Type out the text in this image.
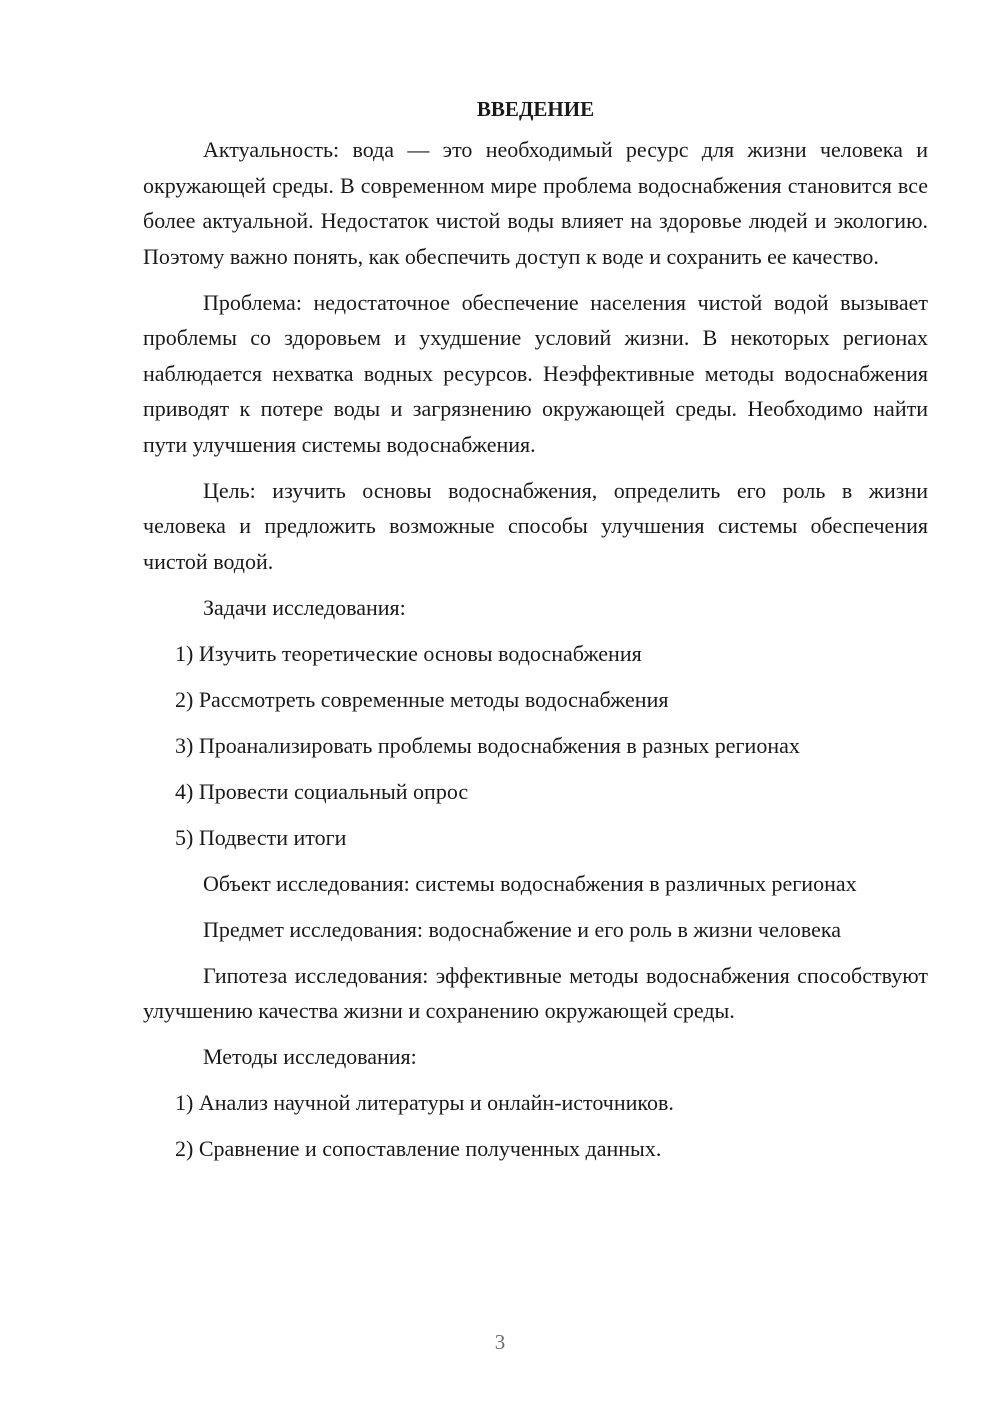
ВВЕДЕНИЕ

Актуальность: вода — это необходимый ресурс для жизни человека и окружающей среды. В современном мире проблема водоснабжения становится все более актуальной. Недостаток чистой воды влияет на здоровье людей и экологию. Поэтому важно понять, как обеспечить доступ к воде и сохранить ее качество.

Проблема: недостаточное обеспечение населения чистой водой вызывает проблемы со здоровьем и ухудшение условий жизни. В некоторых регионах наблюдается нехватка водных ресурсов. Неэффективные методы водоснабжения приводят к потере воды и загрязнению окружающей среды. Необходимо найти пути улучшения системы водоснабжения.

Цель: изучить основы водоснабжения, определить его роль в жизни человека и предложить возможные способы улучшения системы обеспечения чистой водой.

Задачи исследования:

1) Изучить теоретические основы водоснабжения
2) Рассмотреть современные методы водоснабжения
3) Проанализировать проблемы водоснабжения в разных регионах
4) Провести социальный опрос
5) Подвести итоги

Объект исследования: системы водоснабжения в различных регионах

Предмет исследования: водоснабжение и его роль в жизни человека

Гипотеза исследования: эффективные методы водоснабжения способствуют улучшению качества жизни и сохранению окружающей среды.

Методы исследования:

1) Анализ научной литературы и онлайн-источников.
2) Сравнение и сопоставление полученных данных.
3
